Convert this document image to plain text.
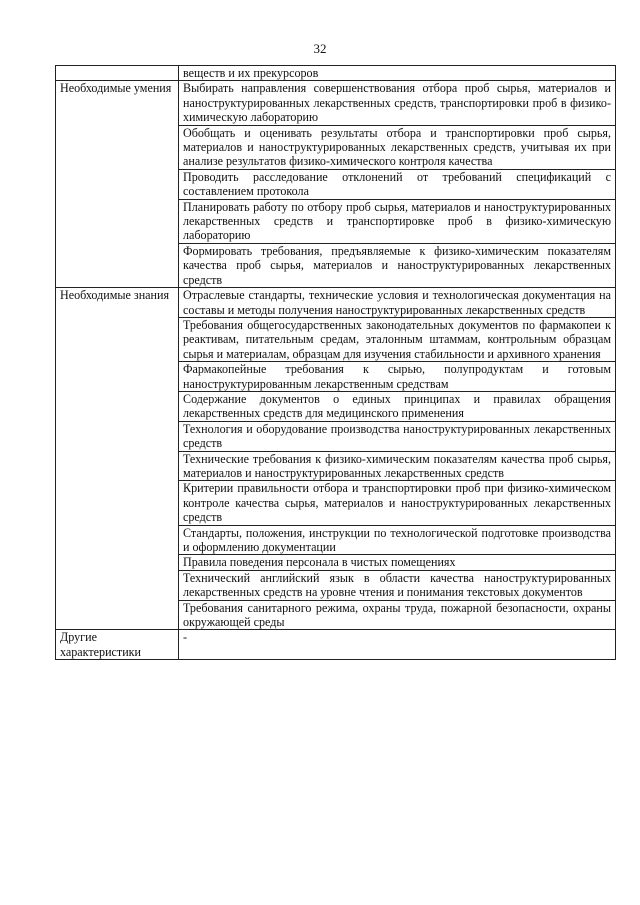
32
	веществ и их прекурсоров
Необходимые умения	Выбирать направления совершенствования отбора проб сырья, материалов и наноструктурированных лекарственных средств, транспортировки проб в физико-химическую лабораторию
	Обобщать и оценивать результаты отбора и транспортировки проб сырья, материалов и наноструктурированных лекарственных средств, учитывая их при анализе результатов физико-химического контроля качества
	Проводить расследование отклонений от требований спецификаций с составлением протокола
	Планировать работу по отбору проб сырья, материалов и наноструктурированных лекарственных средств и транспортировке проб в физико-химическую лабораторию
	Формировать требования, предъявляемые к физико-химическим показателям качества проб сырья, материалов и наноструктурированных лекарственных средств
Необходимые знания	Отраслевые стандарты, технические условия и технологическая документация на составы и методы получения наноструктурированных лекарственных средств
	Требования общегосударственных законодательных документов по фармакопеи к реактивам, питательным средам, эталонным штаммам, контрольным образцам сырья и материалам, образцам для изучения стабильности и архивного хранения
	Фармакопейные требования к сырью, полупродуктам и готовым наноструктурированным лекарственным средствам
	Содержание документов о единых принципах и правилах обращения лекарственных средств для медицинского применения
	Технология и оборудование производства наноструктурированных лекарственных средств
	Технические требования к физико-химическим показателям качества проб сырья, материалов и наноструктурированных лекарственных средств
	Критерии правильности отбора и транспортировки проб при физико-химическом контроле качества сырья, материалов и наноструктурированных лекарственных средств
	Стандарты, положения, инструкции по технологической подготовке производства и оформлению документации
	Правила поведения персонала в чистых помещениях
	Технический английский язык в области качества наноструктурированных лекарственных средств на уровне чтения и понимания текстовых документов
	Требования санитарного режима, охраны труда, пожарной безопасности, охраны окружающей среды
Другие характеристики	-
